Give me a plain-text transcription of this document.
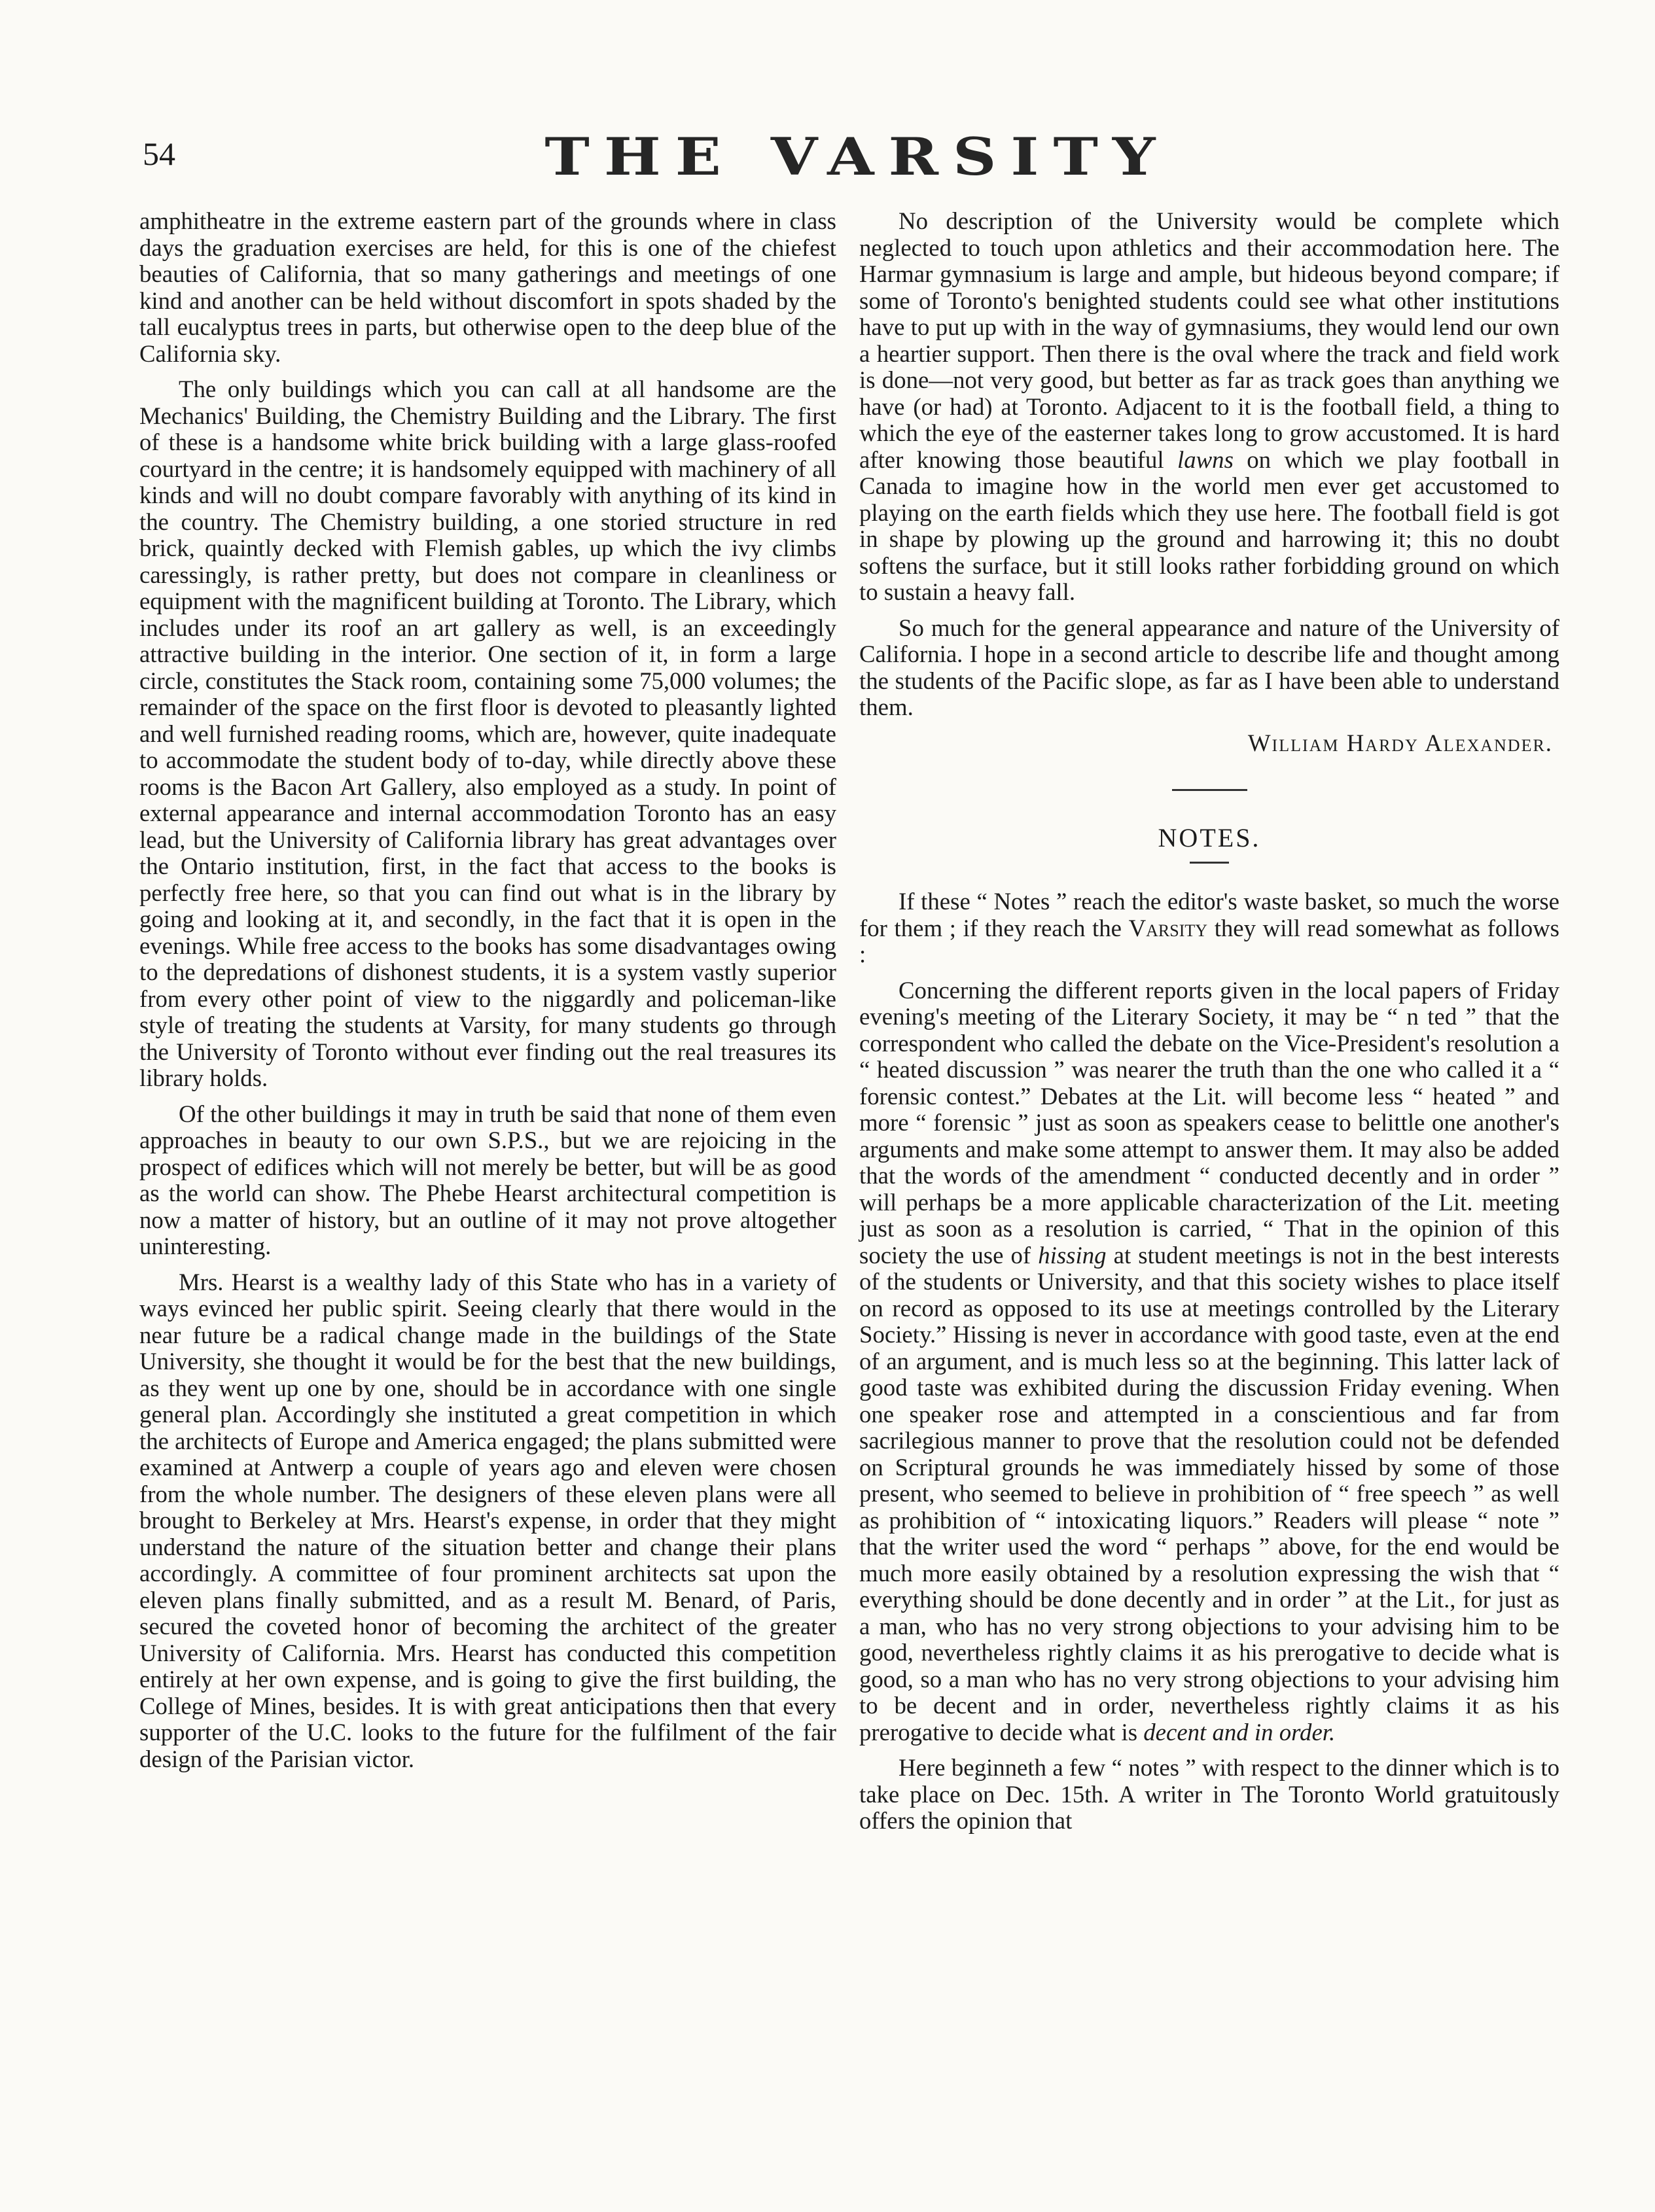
54	THE VARSITY

amphitheatre in the extreme eastern part of the grounds where in class days the graduation exercises are held, for this is one of the chiefest beauties of California, that so many gatherings and meetings of one kind and another can be held without discomfort in spots shaded by the tall eucalyptus trees in parts, but otherwise open to the deep blue of the California sky.

The only buildings which you can call at all handsome are the Mechanics' Building, the Chemistry Building and the Library. The first of these is a handsome white brick building with a large glass-roofed courtyard in the centre; it is handsomely equipped with machinery of all kinds and will no doubt compare favorably with anything of its kind in the country. The Chemistry building, a one storied structure in red brick, quaintly decked with Flemish gables, up which the ivy climbs caressingly, is rather pretty, but does not compare in cleanliness or equipment with the magnificent building at Toronto. The Library, which includes under its roof an art gallery as well, is an exceedingly attractive building in the interior. One section of it, in form a large circle, constitutes the Stack room, containing some 75,000 volumes; the remainder of the space on the first floor is devoted to pleasantly lighted and well furnished reading rooms, which are, however, quite inadequate to accommodate the student body of to-day, while directly above these rooms is the Bacon Art Gallery, also employed as a study. In point of external appearance and internal accommodation Toronto has an easy lead, but the University of California library has great advantages over the Ontario institution, first, in the fact that access to the books is perfectly free here, so that you can find out what is in the library by going and looking at it, and secondly, in the fact that it is open in the evenings. While free access to the books has some disadvantages owing to the depredations of dishonest students, it is a system vastly superior from every other point of view to the niggardly and policeman-like style of treating the students at Varsity, for many students go through the University of Toronto without ever finding out the real treasures its library holds.

Of the other buildings it may in truth be said that none of them even approaches in beauty to our own S.P.S., but we are rejoicing in the prospect of edifices which will not merely be better, but will be as good as the world can show. The Phebe Hearst architectural competition is now a matter of history, but an outline of it may not prove altogether uninteresting.

Mrs. Hearst is a wealthy lady of this State who has in a variety of ways evinced her public spirit. Seeing clearly that there would in the near future be a radical change made in the buildings of the State University, she thought it would be for the best that the new buildings, as they went up one by one, should be in accordance with one single general plan. Accordingly she instituted a great competition in which the architects of Europe and America engaged; the plans submitted were examined at Antwerp a couple of years ago and eleven were chosen from the whole number. The designers of these eleven plans were all brought to Berkeley at Mrs. Hearst's expense, in order that they might understand the nature of the situation better and change their plans accordingly. A committee of four prominent architects sat upon the eleven plans finally submitted, and as a result M. Benard, of Paris, secured the coveted honor of becoming the architect of the greater University of California. Mrs. Hearst has conducted this competition entirely at her own expense, and is going to give the first building, the College of Mines, besides. It is with great anticipations then that every supporter of the U.C. looks to the future for the fulfilment of the fair design of the Parisian victor.

No description of the University would be complete which neglected to touch upon athletics and their accommodation here. The Harmar gymnasium is large and ample, but hideous beyond compare; if some of Toronto's benighted students could see what other institutions have to put up with in the way of gymnasiums, they would lend our own a heartier support. Then there is the oval where the track and field work is done—not very good, but better as far as track goes than anything we have (or had) at Toronto. Adjacent to it is the football field, a thing to which the eye of the easterner takes long to grow accustomed. It is hard after knowing those beautiful lawns on which we play football in Canada to imagine how in the world men ever get accustomed to playing on the earth fields which they use here. The football field is got in shape by plowing up the ground and harrowing it; this no doubt softens the surface, but it still looks rather forbidding ground on which to sustain a heavy fall.

So much for the general appearance and nature of the University of California. I hope in a second article to describe life and thought among the students of the Pacific slope, as far as I have been able to understand them.

William Hardy Alexander.

NOTES.

If these “ Notes ” reach the editor's waste basket, so much the worse for them ; if they reach the Varsity they will read somewhat as follows :

Concerning the different reports given in the local papers of Friday evening's meeting of the Literary Society, it may be “ n ted ” that the correspondent who called the debate on the Vice-President's resolution a “ heated discussion ” was nearer the truth than the one who called it a “ forensic contest.” Debates at the Lit. will become less “ heated ” and more “ forensic ” just as soon as speakers cease to belittle one another's arguments and make some attempt to answer them. It may also be added that the words of the amendment “ conducted decently and in order ” will perhaps be a more applicable characterization of the Lit. meeting just as soon as a resolution is carried, “ That in the opinion of this society the use of hissing at student meetings is not in the best interests of the students or University, and that this society wishes to place itself on record as opposed to its use at meetings controlled by the Literary Society.” Hissing is never in accordance with good taste, even at the end of an argument, and is much less so at the beginning. This latter lack of good taste was exhibited during the discussion Friday evening. When one speaker rose and attempted in a conscientious and far from sacrilegious manner to prove that the resolution could not be defended on Scriptural grounds he was immediately hissed by some of those present, who seemed to believe in prohibition of “ free speech ” as well as prohibition of “ intoxicating liquors.” Readers will please “ note ” that the writer used the word “ perhaps ” above, for the end would be much more easily obtained by a resolution expressing the wish that “ everything should be done decently and in order ” at the Lit., for just as a man, who has no very strong objections to your advising him to be good, nevertheless rightly claims it as his prerogative to decide what is good, so a man who has no very strong objections to your advising him to be decent and in order, nevertheless rightly claims it as his prerogative to decide what is decent and in order.

Here beginneth a few “ notes ” with respect to the dinner which is to take place on Dec. 15th. A writer in The Toronto World gratuitously offers the opinion that
